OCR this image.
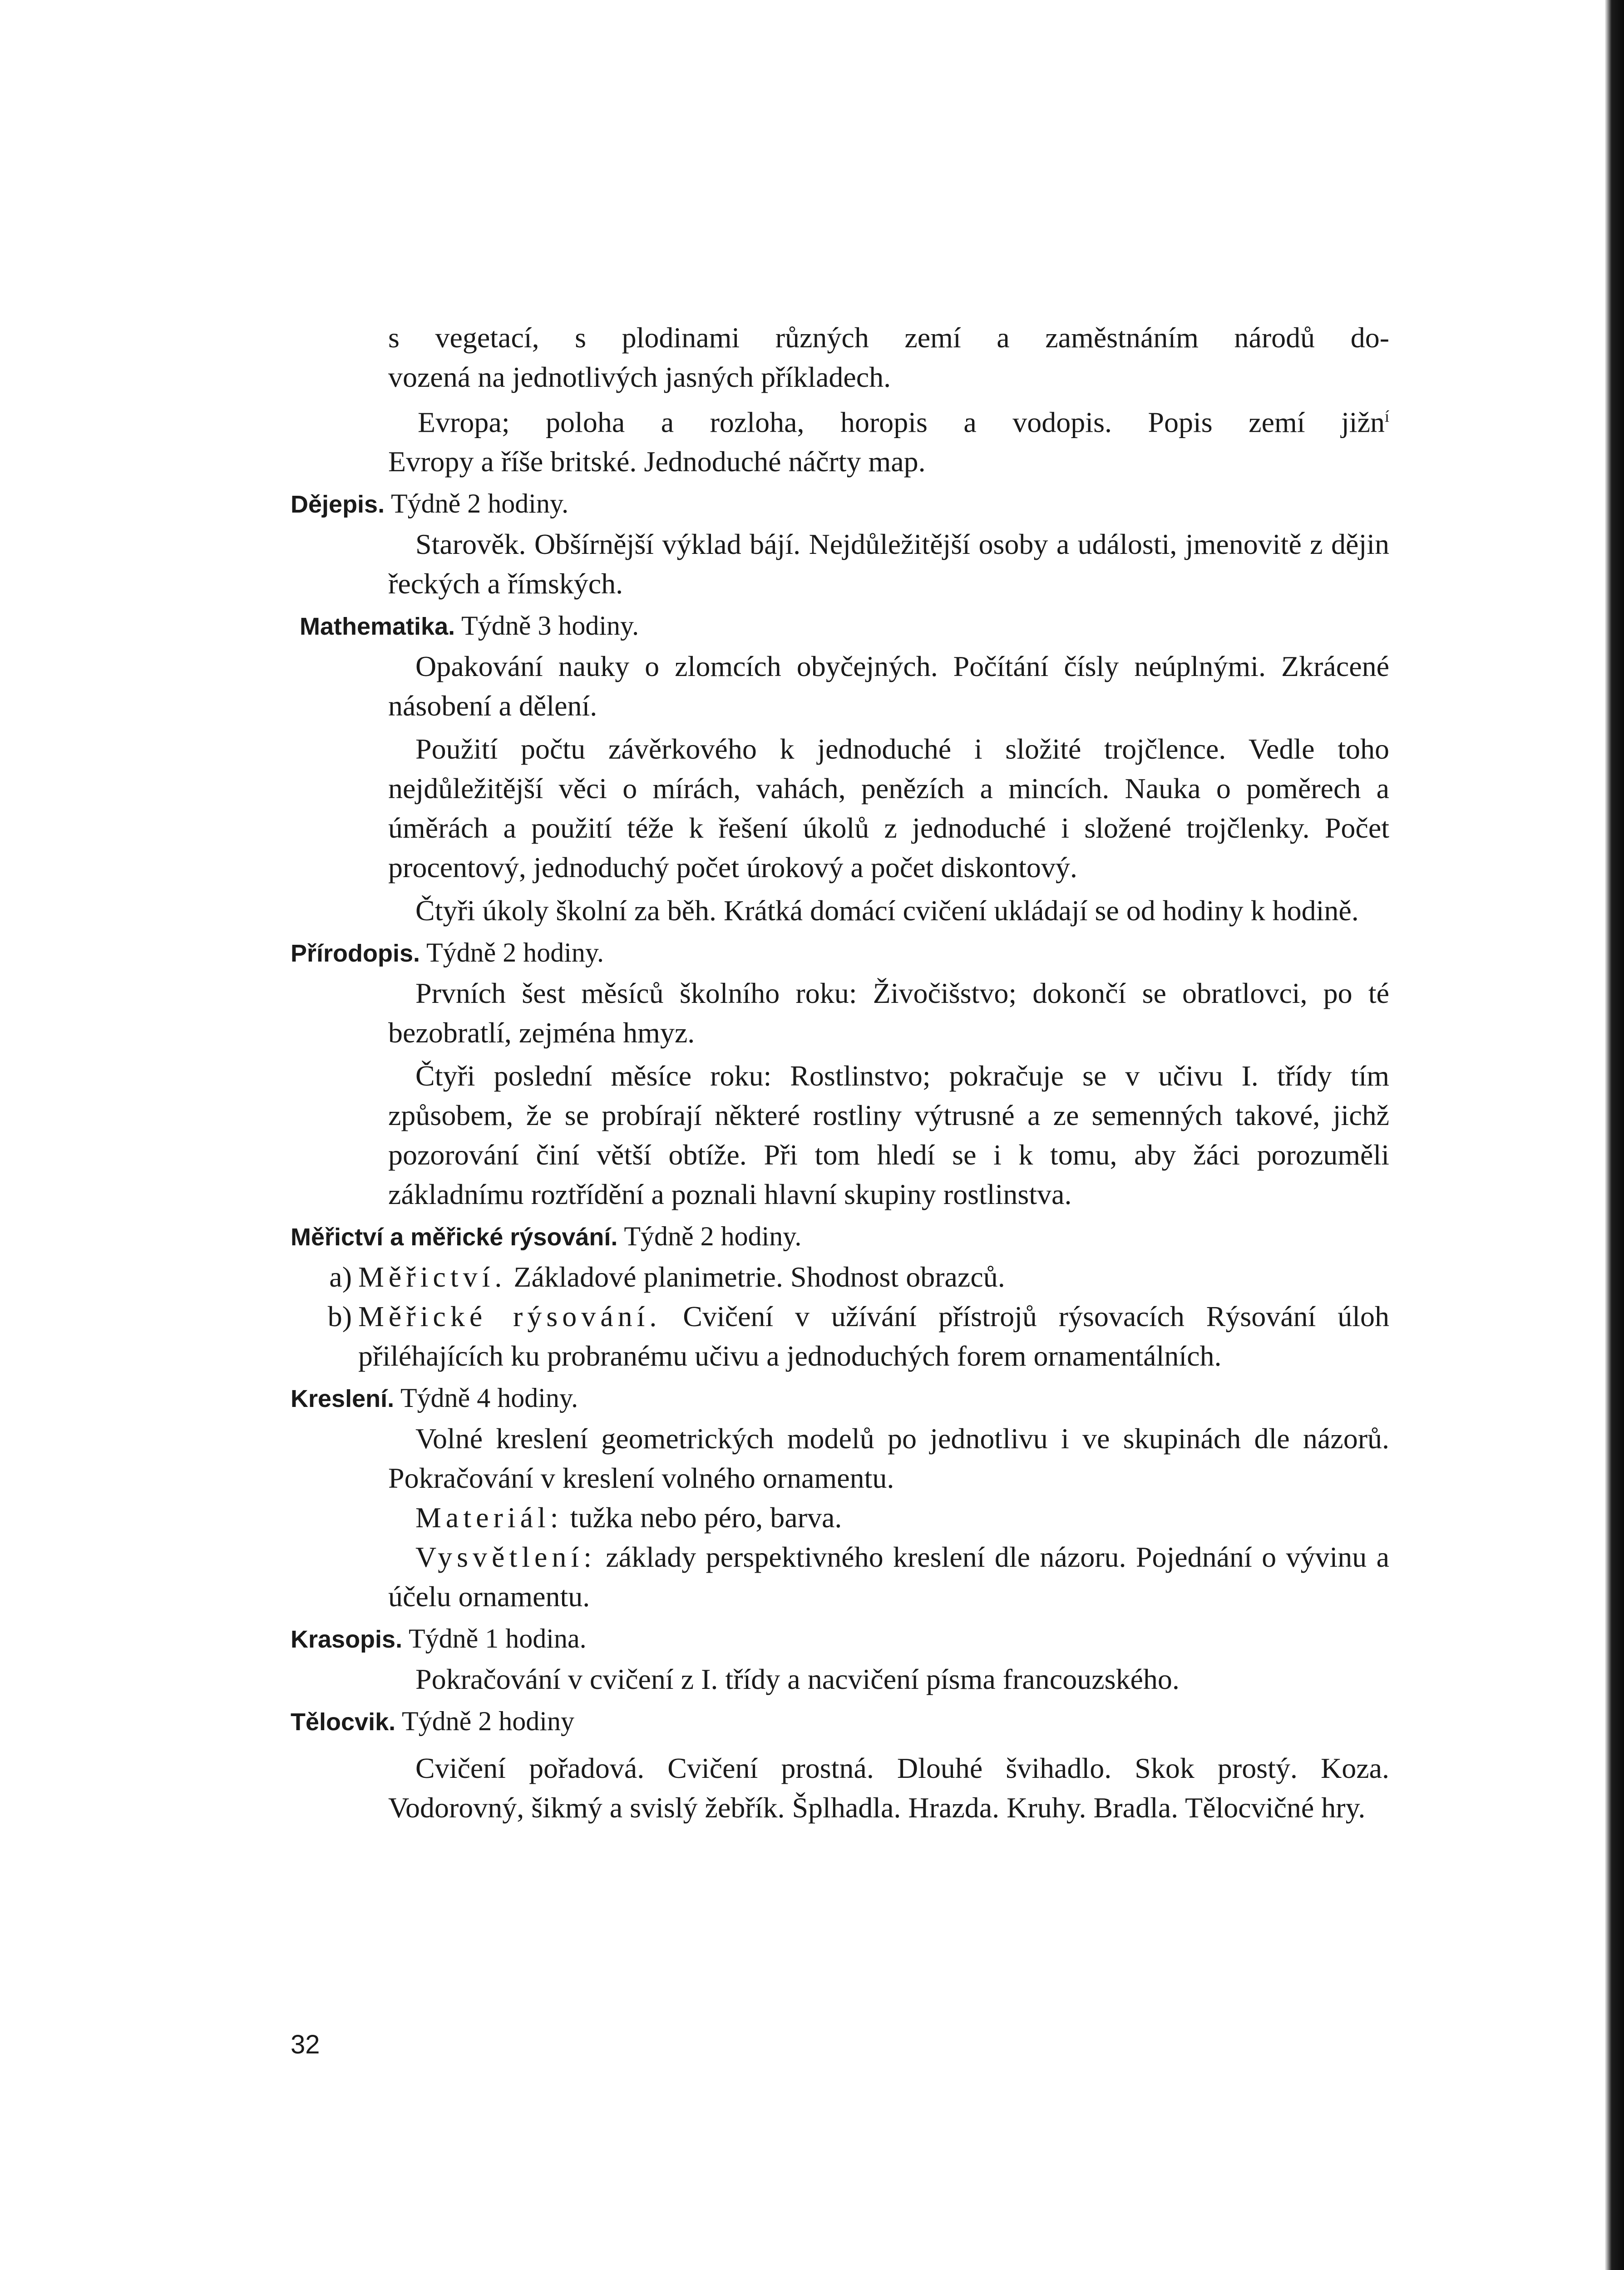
s vegetací, s plodinami různých zemí a zaměstnáním národů do-

vozená na jednotlivých jasných příkladech.

Evropa; poloha a rozloha, horopis a vodopis. Popis zemí jižn$^í$

Evropy a říše britské. Jednoduché náčrty map.

Dějepis. Týdně 2 hodiny.

Starověk. Obšírnější výklad bájí. Nejdůležitější osoby a události, jmenovitě z dějin řeckých a římských.

Mathematika. Týdně 3 hodiny.

Opakování nauky o zlomcích obyčejných. Počítání čísly neúplnými. Zkrácené násobení a dělení.

Použití počtu závěrkového k jednoduché i složité trojčlence. Vedle toho nejdůležitější věci o mírách, vahách, penězích a mincích. Nauka o poměrech a úměrách a použití téže k řešení úkolů z jednoduché i složené trojčlenky. Počet procentový, jednoduchý počet úrokový a počet diskontový.

Čtyři úkoly školní za běh. Krátká domácí cvičení ukládají se od hodiny k hodině.

Přírodopis. Týdně 2 hodiny.

Prvních šest měsíců školního roku: Živočišstvo; dokončí se obratlovci, po té bezobratlí, zejména hmyz.

Čtyři poslední měsíce roku: Rostlinstvo; pokračuje se v učivu I. třídy tím způsobem, že se probírají některé rostliny výtrusné a ze semenných takové, jichž pozorování činí větší obtíže. Při tom hledí se i k tomu, aby žáci porozuměli základnímu roztřídění a poznali hlavní skupiny rostlinstva.

Měřictví a měřické rýsování. Týdně 2 hodiny.

a) Měřictví. Základové planimetrie. Shodnost obrazců.
b) Měřické rýsování. Cvičení v užívání přístrojů rýsovacích Rýsování úloh přiléhajících ku probranému učivu a jednoduchých forem ornamentálních.

Kreslení. Týdně 4 hodiny.

Volné kreslení geometrických modelů po jednotlivu i ve skupinách dle názorů. Pokračování v kreslení volného ornamentu.

Materiál: tužka nebo péro, barva.

Vysvětlení: základy perspektivného kreslení dle názoru. Pojednání o vývinu a účelu ornamentu.

Krasopis. Týdně 1 hodina.

Pokračování v cvičení z I. třídy a nacvičení písma francouzského.

Tělocvik. Týdně 2 hodiny

Cvičení pořadová. Cvičení prostná. Dlouhé švihadlo. Skok prostý. Koza. Vodorovný, šikmý a svislý žebřík. Šplhadla. Hrazda. Kruhy. Bradla. Tělocvičné hry.

32
